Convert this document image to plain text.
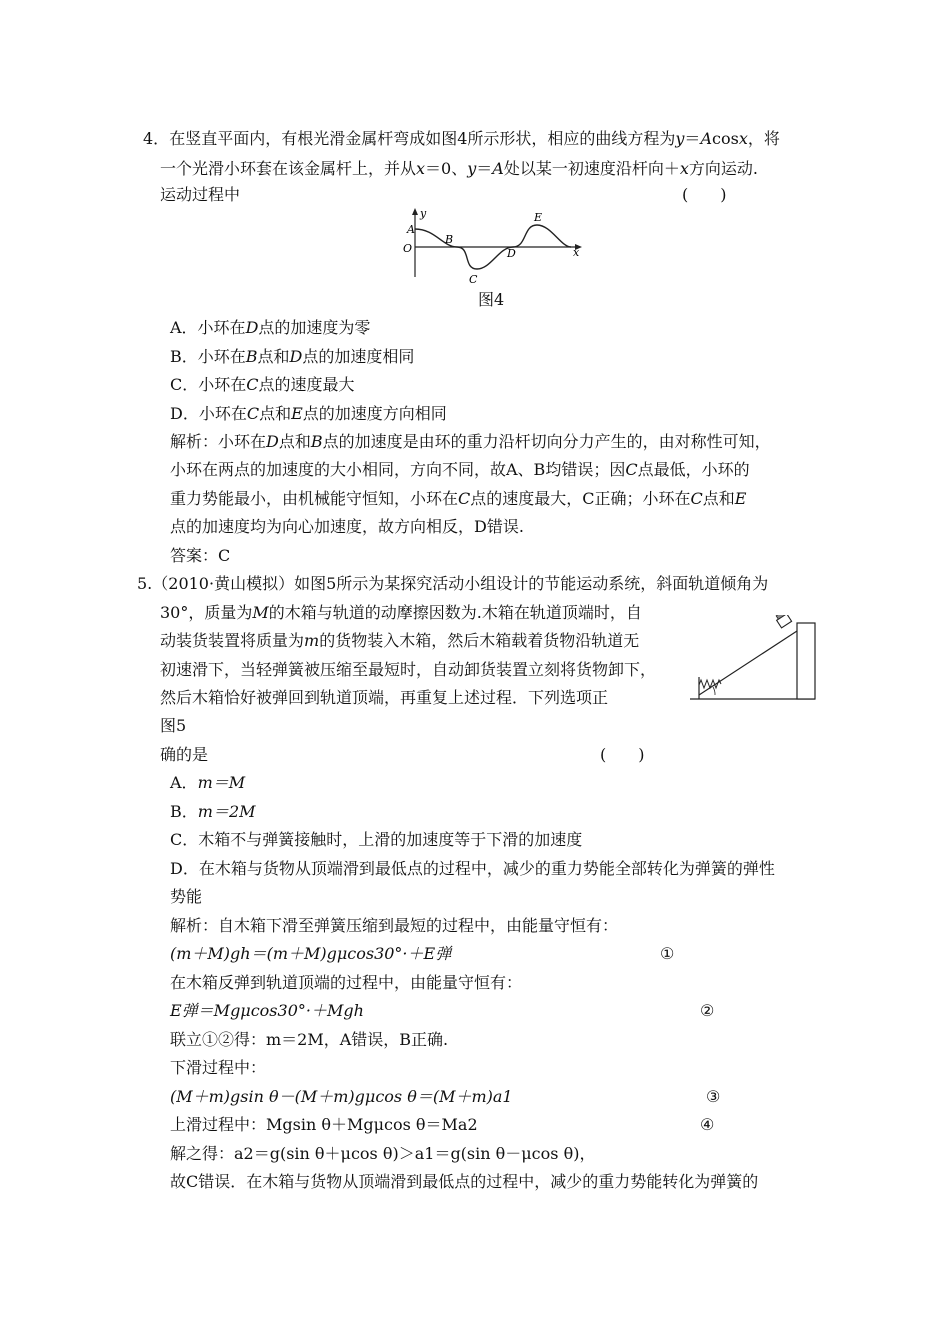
4．在竖直平面内，有根光滑金属杆弯成如图4所示形状，相应的曲线方程为y＝Acosx，将
一个光滑小环套在该金属杆上，并从x＝0、y＝A处以某一初速度沿杆向＋x方向运动.
运动过程中	(　　)
A
y
O
B
C
D
E
x
图4
A．小环在D点的加速度为零
B．小环在B点和D点的加速度相同
C．小环在C点的速度最大
D．小环在C点和E点的加速度方向相同
解析：小环在D点和B点的加速度是由环的重力沿杆切向分力产生的，由对称性可知，
小环在两点的加速度的大小相同，方向不同，故A、B均错误；因C点最低，小环的
重力势能最小，由机械能守恒知，小环在C点的速度最大，C正确；小环在C点和E
点的加速度均为向心加速度，故方向相反，D错误.
答案：C
5.（2010·黄山模拟）如图5所示为某探究活动小组设计的节能运动系统，斜面轨道倾角为
30°，质量为M的木箱与轨道的动摩擦因数为.木箱在轨道顶端时，自
动装货装置将质量为m的货物装入木箱，然后木箱载着货物沿轨道无
初速滑下，当轻弹簧被压缩至最短时，自动卸货装置立刻将货物卸下，
然后木箱恰好被弹回到轨道顶端，再重复上述过程．下列选项正
图5
确的是	(　　)
A．m＝M
B．m＝2M
C．木箱不与弹簧接触时，上滑的加速度等于下滑的加速度
D．在木箱与货物从顶端滑到最低点的过程中，减少的重力势能全部转化为弹簧的弹性
势能
解析：自木箱下滑至弹簧压缩到最短的过程中，由能量守恒有：
(m＋M)gh＝(m＋M)gμcos30°·＋E弹	①
在木箱反弹到轨道顶端的过程中，由能量守恒有：
E弹＝Mgμcos30°·＋Mgh	②
联立①②得：m＝2M，A错误，B正确.
下滑过程中：
(M＋m)gsin θ－(M＋m)gμcos θ＝(M＋m)a1	③
上滑过程中：Mgsin θ＋Mgμcos θ＝Ma2	④
解之得：a2＝g(sin θ＋μcos θ)＞a1＝g(sin θ－μcos θ)，
故C错误．在木箱与货物从顶端滑到最低点的过程中，减少的重力势能转化为弹簧的
